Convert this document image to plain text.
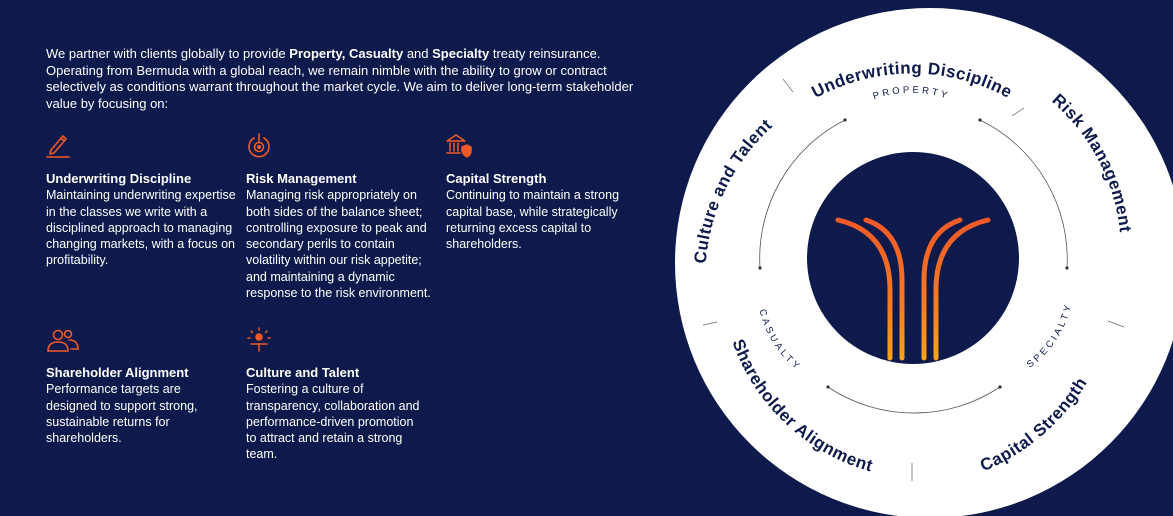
We partner with clients globally to provide Property, Casualty and Specialty treaty reinsurance. Operating from Bermuda with a global reach, we remain nimble with the ability to grow or contract selectively as conditions warrant throughout the market cycle. We aim to deliver long-term stakeholder value by focusing on:

Underwriting Discipline
Maintaining underwriting expertise in the classes we write with a disciplined approach to managing changing markets, with a focus on profitability.
Risk Management
Managing risk appropriately on both sides of the balance sheet; controlling exposure to peak and secondary perils to contain volatility within our risk appetite; and maintaining a dynamic response to the risk environment.
Capital Strength
Continuing to maintain a strong capital base, while strategically returning excess capital to shareholders.
Shareholder Alignment
Performance targets are designed to support strong, sustainable returns for shareholders.
Culture and Talent
Fostering a culture of transparency, collaboration and performance-driven promotion to attract and retain a strong team.
Underwriting Discipline Risk Management
Capital Strength
Shareholder Alignment
Culture and Talent
PROPERTY
SPECIALTY
CASUALTY
